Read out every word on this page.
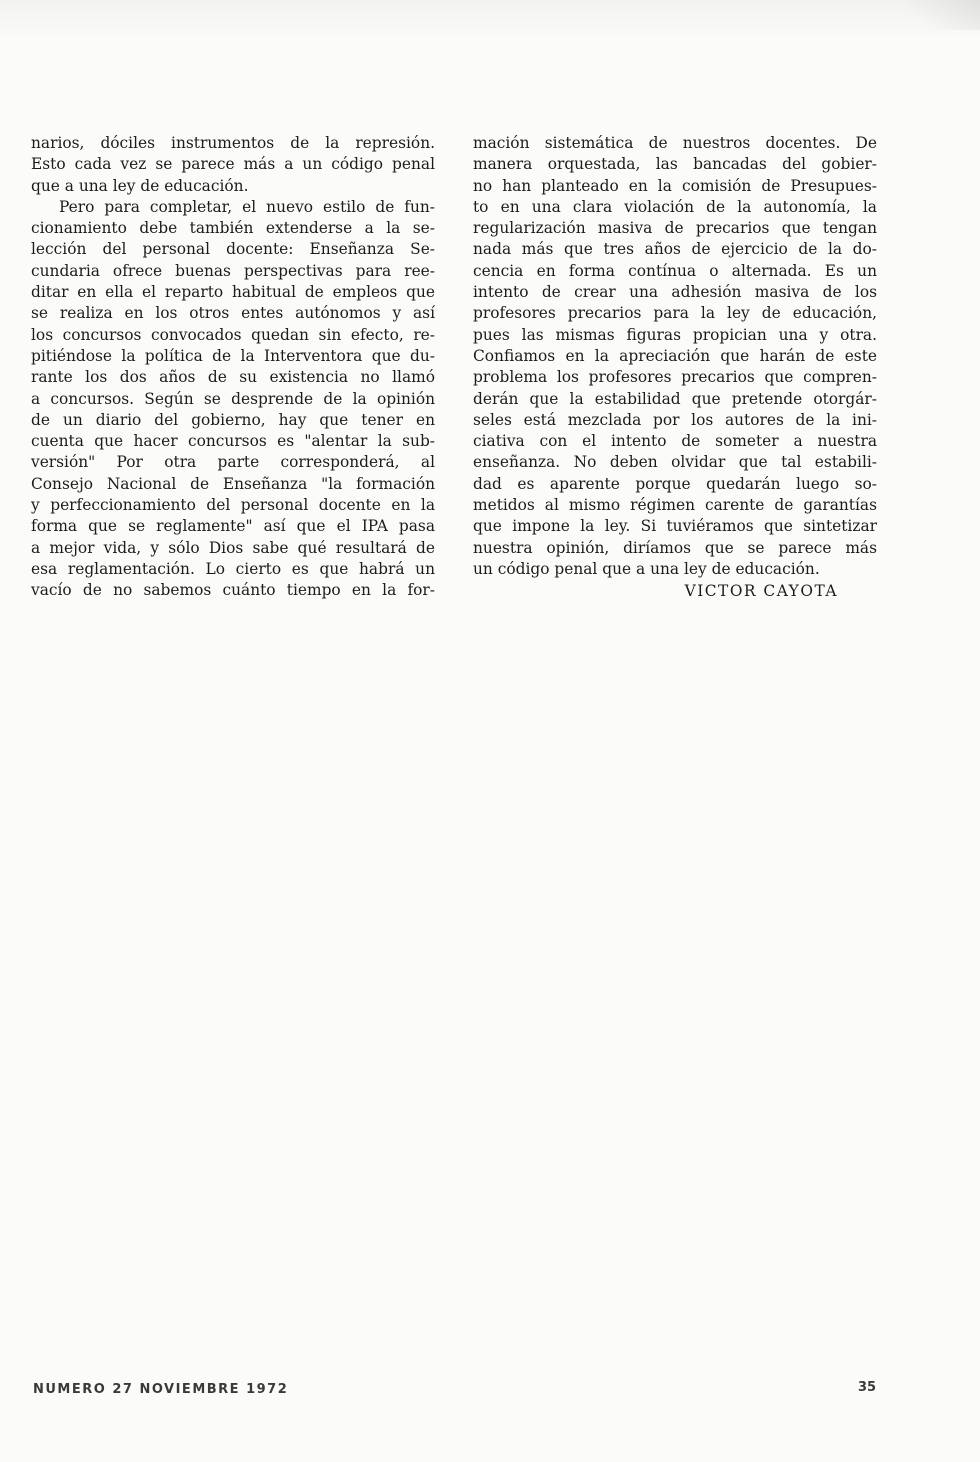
narios, dóciles instrumentos de la represión.
Esto cada vez se parece más a un código penal
que a una ley de educación.
Pero para completar, el nuevo estilo de fun-
cionamiento debe también extenderse a la se-
lección del personal docente: Enseñanza Se-
cundaria ofrece buenas perspectivas para ree-
ditar en ella el reparto habitual de empleos que
se realiza en los otros entes autónomos y así
los concursos convocados quedan sin efecto, re-
pitiéndose la política de la Interventora que du-
rante los dos años de su existencia no llamó
a concursos. Según se desprende de la opinión
de un diario del gobierno, hay que tener en
cuenta que hacer concursos es "alentar la sub-
versión" Por otra parte corresponderá, al
Consejo Nacional de Enseñanza "la formación
y perfeccionamiento del personal docente en la
forma que se reglamente" así que el IPA pasa
a mejor vida, y sólo Dios sabe qué resultará de
esa reglamentación. Lo cierto es que habrá un
vacío de no sabemos cuánto tiempo en la for-
mación sistemática de nuestros docentes. De
manera orquestada, las bancadas del gobier-
no han planteado en la comisión de Presupues-
to en una clara violación de la autonomía, la
regularización masiva de precarios que tengan
nada más que tres años de ejercicio de la do-
cencia en forma contínua o alternada. Es un
intento de crear una adhesión masiva de los
profesores precarios para la ley de educación,
pues las mismas figuras propician una y otra.
Confiamos en la apreciación que harán de este
problema los profesores precarios que compren-
derán que la estabilidad que pretende otorgár-
seles está mezclada por los autores de la ini-
ciativa con el intento de someter a nuestra
enseñanza. No deben olvidar que tal estabili-
dad es aparente porque quedarán luego so-
metidos al mismo régimen carente de garantías
que impone la ley. Si tuviéramos que sintetizar
nuestra opinión, diríamos que se parece más
un código penal que a una ley de educación.
VICTOR CAYOTA
NUMERO 27 NOVIEMBRE 1972	35
